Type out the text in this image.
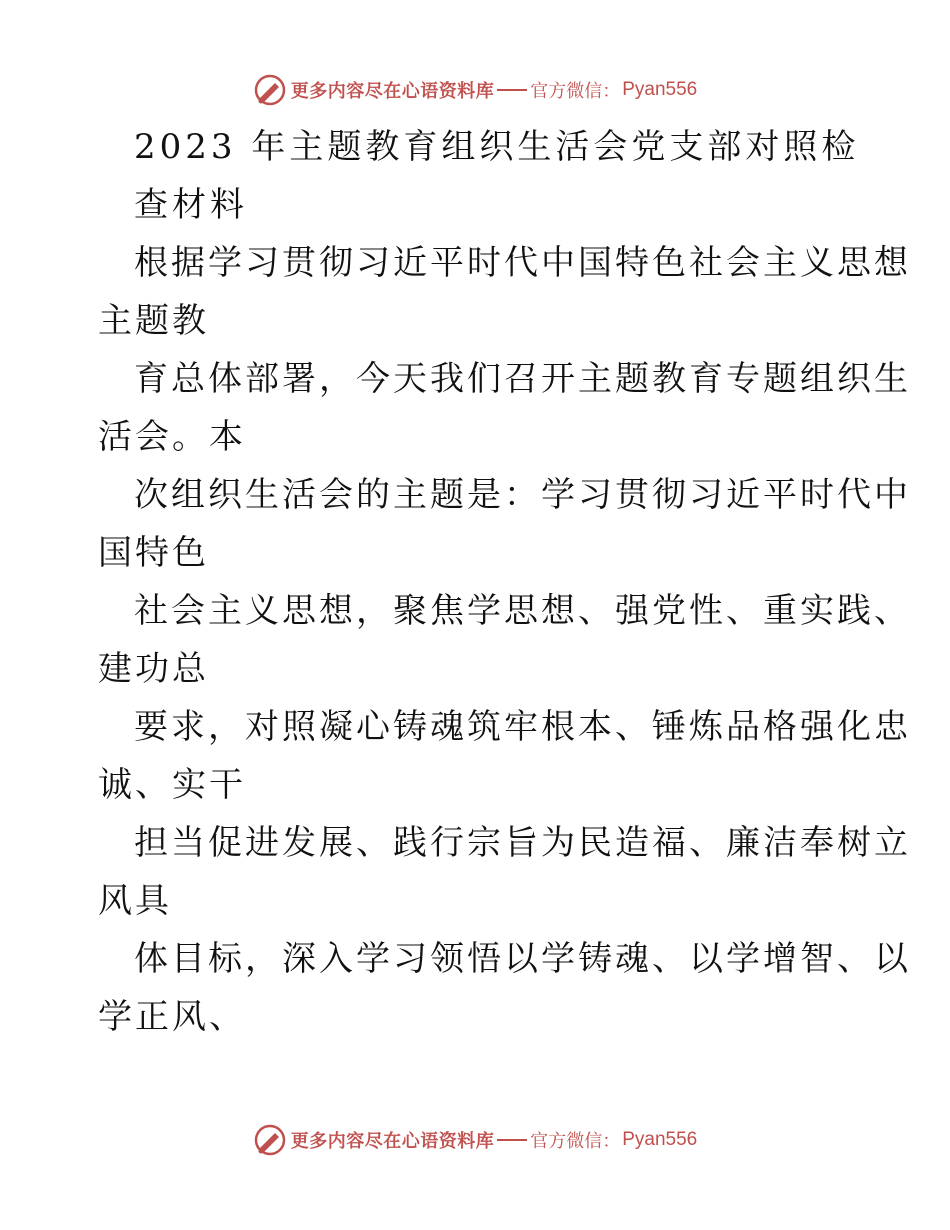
更多内容尽在心语资料库 官方微信： Pyan556
2023 年主题教育组织生活会党支部对照检
查材料
根据学习贯彻习近平时代中国特色社会主义思想
主题教
育总体部署，今天我们召开主题教育专题组织生
活会。本
次组织生活会的主题是：学习贯彻习近平时代中
国特色
社会主义思想，聚焦学思想、强党性、重实践、
建功总
要求，对照凝心铸魂筑牢根本、锤炼品格强化忠
诚、实干
担当促进发展、践行宗旨为民造福、廉洁奉树立
风具
体目标，深入学习领悟以学铸魂、以学增智、以
学正风、
更多内容尽在心语资料库 官方微信： Pyan556
